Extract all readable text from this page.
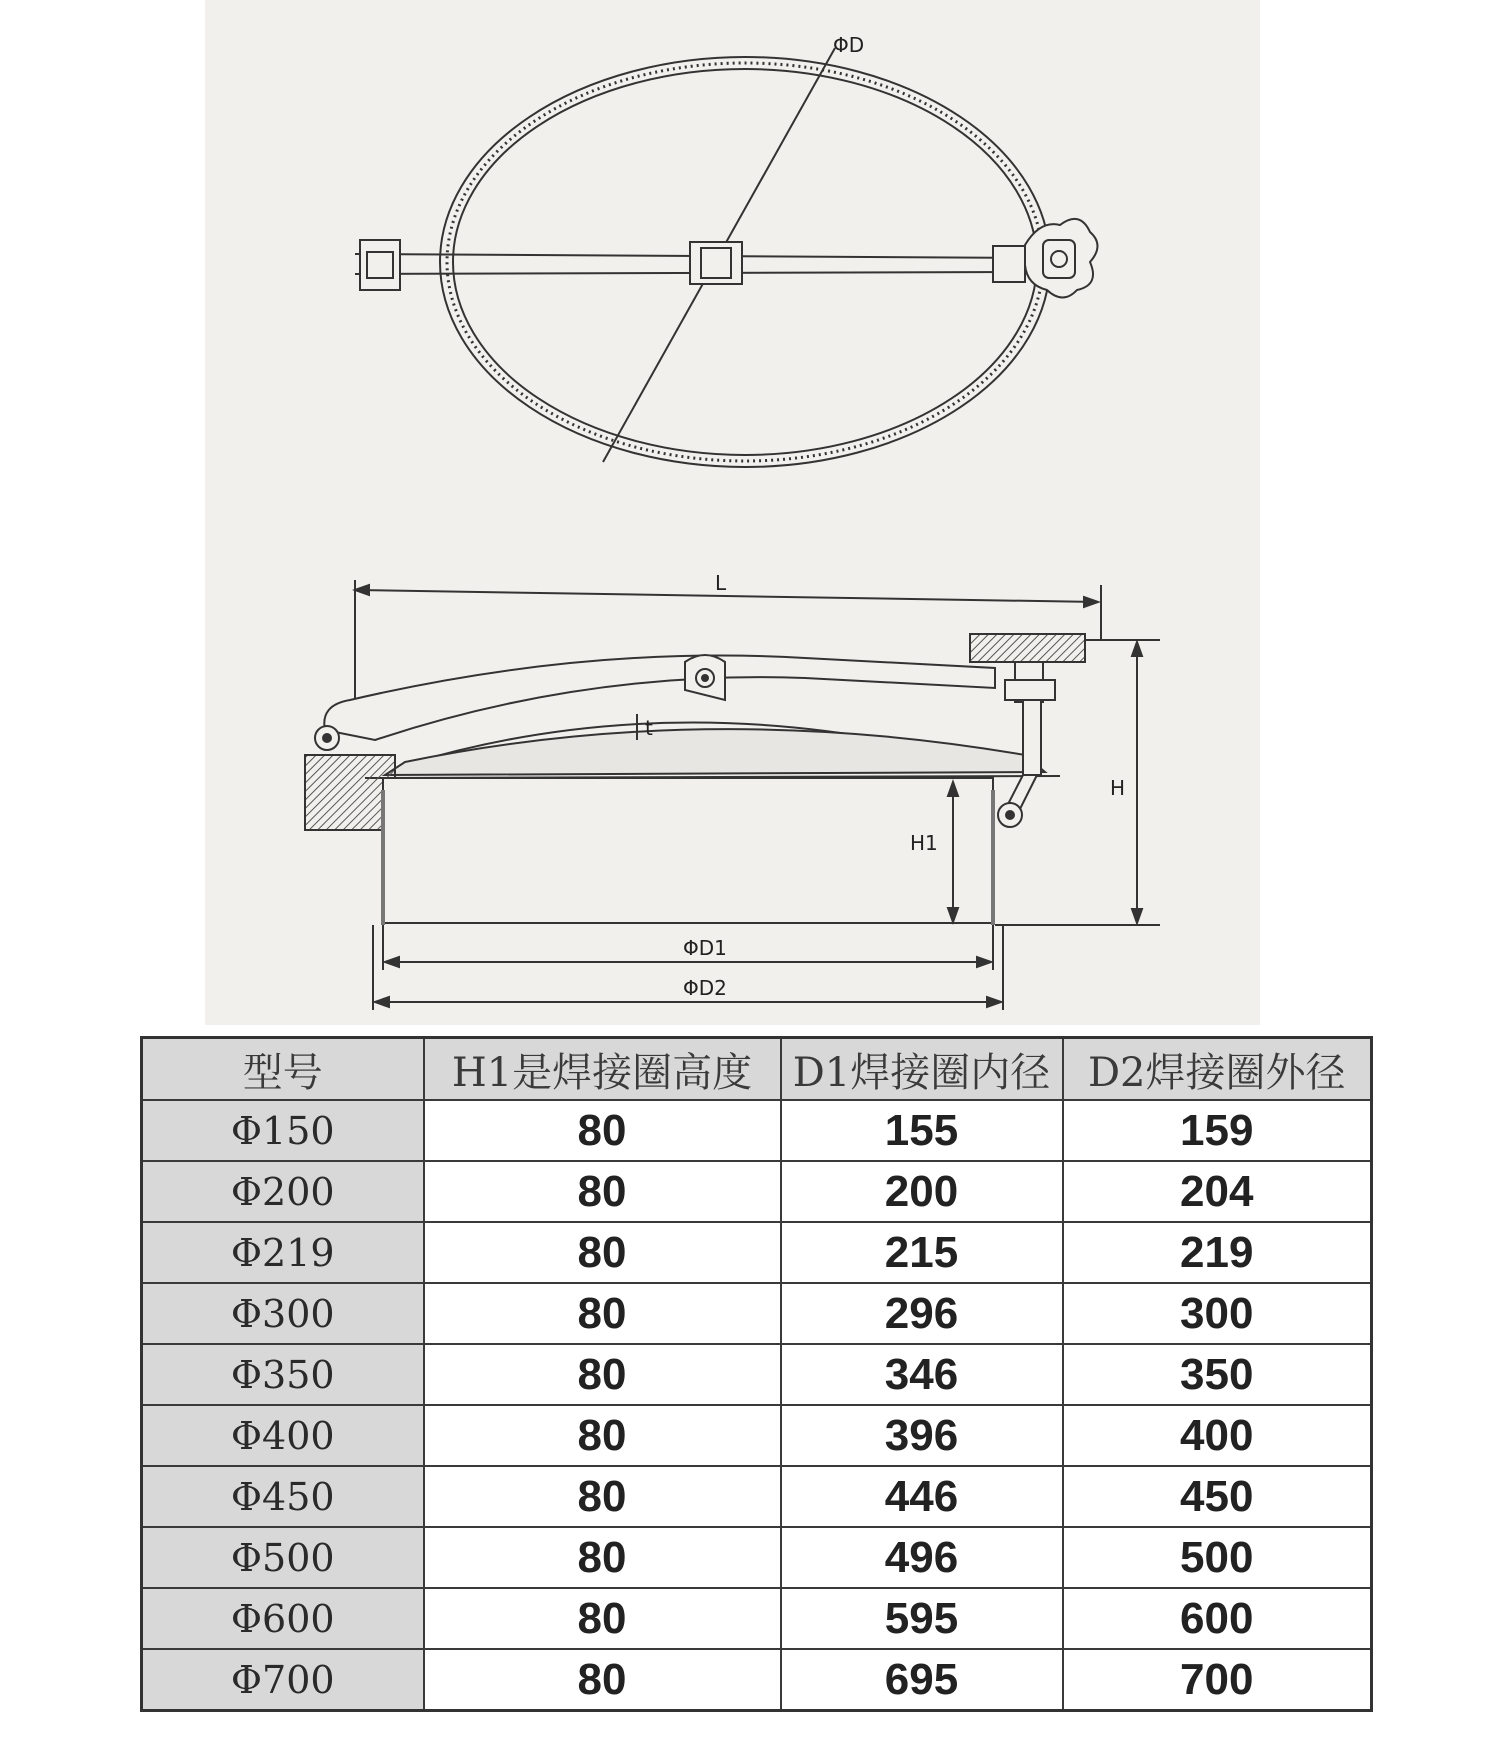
ΦD
L
t
H
H1
ΦD1
ΦD2
型号	H1是焊接圈高度	D1焊接圈内径	D2焊接圈外径
Φ150	80	155	159
Φ200	80	200	204
Φ219	80	215	219
Φ300	80	296	300
Φ350	80	346	350
Φ400	80	396	400
Φ450	80	446	450
Φ500	80	496	500
Φ600	80	595	600
Φ700	80	695	700
